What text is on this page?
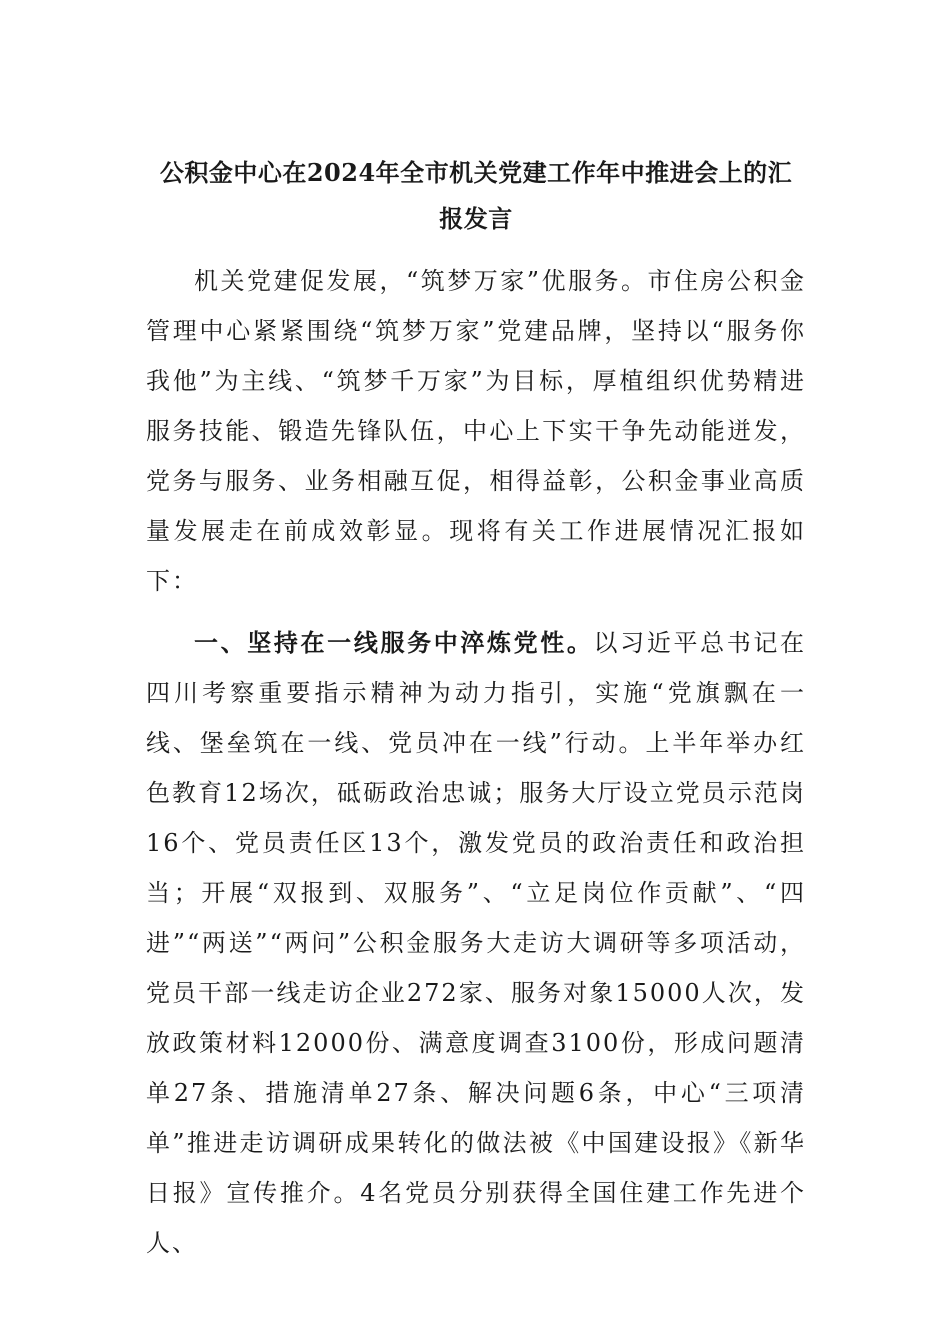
公积金中心在2024年全市机关党建工作年中推进会上的汇
报发言

机关党建促发展，“筑梦万家”优服务。市住房公积金管理中心紧紧围绕“筑梦万家”党建品牌，坚持以“服务你我他”为主线、“筑梦千万家”为目标，厚植组织优势精进服务技能、锻造先锋队伍，中心上下实干争先动能迸发，党务与服务、业务相融互促，相得益彰，公积金事业高质量发展走在前成效彰显。现将有关工作进展情况汇报如下：

一、坚持在一线服务中淬炼党性。以习近平总书记在四川考察重要指示精神为动力指引，实施“党旗飘在一线、堡垒筑在一线、党员冲在一线”行动。上半年举办红色教育12场次，砥砺政治忠诚；服务大厅设立党员示范岗16个、党员责任区13个，激发党员的政治责任和政治担当；开展“双报到、双服务”、“立足岗位作贡献”、“四进”“两送”“两问”公积金服务大走访大调研等多项活动，党员干部一线走访企业272家、服务对象15000人次，发放政策材料12000份、满意度调查3100份，形成问题清单27条、措施清单27条、解决问题6条，中心“三项清单”推进走访调研成果转化的做法被《中国建设报》《新华日报》宣传推介。4名党员分别获得全国住建工作先进个人、
